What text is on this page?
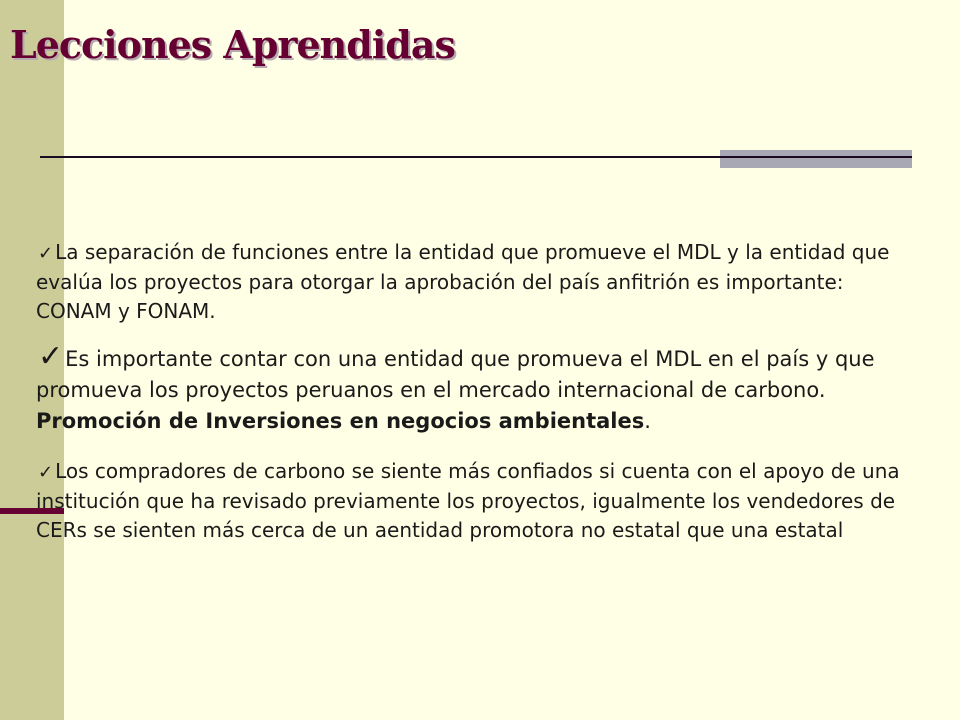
Lecciones Aprendidas

✓ La separación de funciones entre la entidad que promueve el MDL y la entidad que evalúa los proyectos para otorgar la aprobación del país anfitrión es importante: CONAM y FONAM.

✓Es importante contar con una entidad que promueva el MDL en el país y que promueva los proyectos peruanos en el mercado internacional de carbono. Promoción de Inversiones en negocios ambientales.

✓ Los compradores de carbono se siente más confiados si cuenta con el apoyo de una institución que ha revisado previamente los proyectos, igualmente los vendedores de CERs se sienten más cerca de un aentidad promotora no estatal que una estatal
